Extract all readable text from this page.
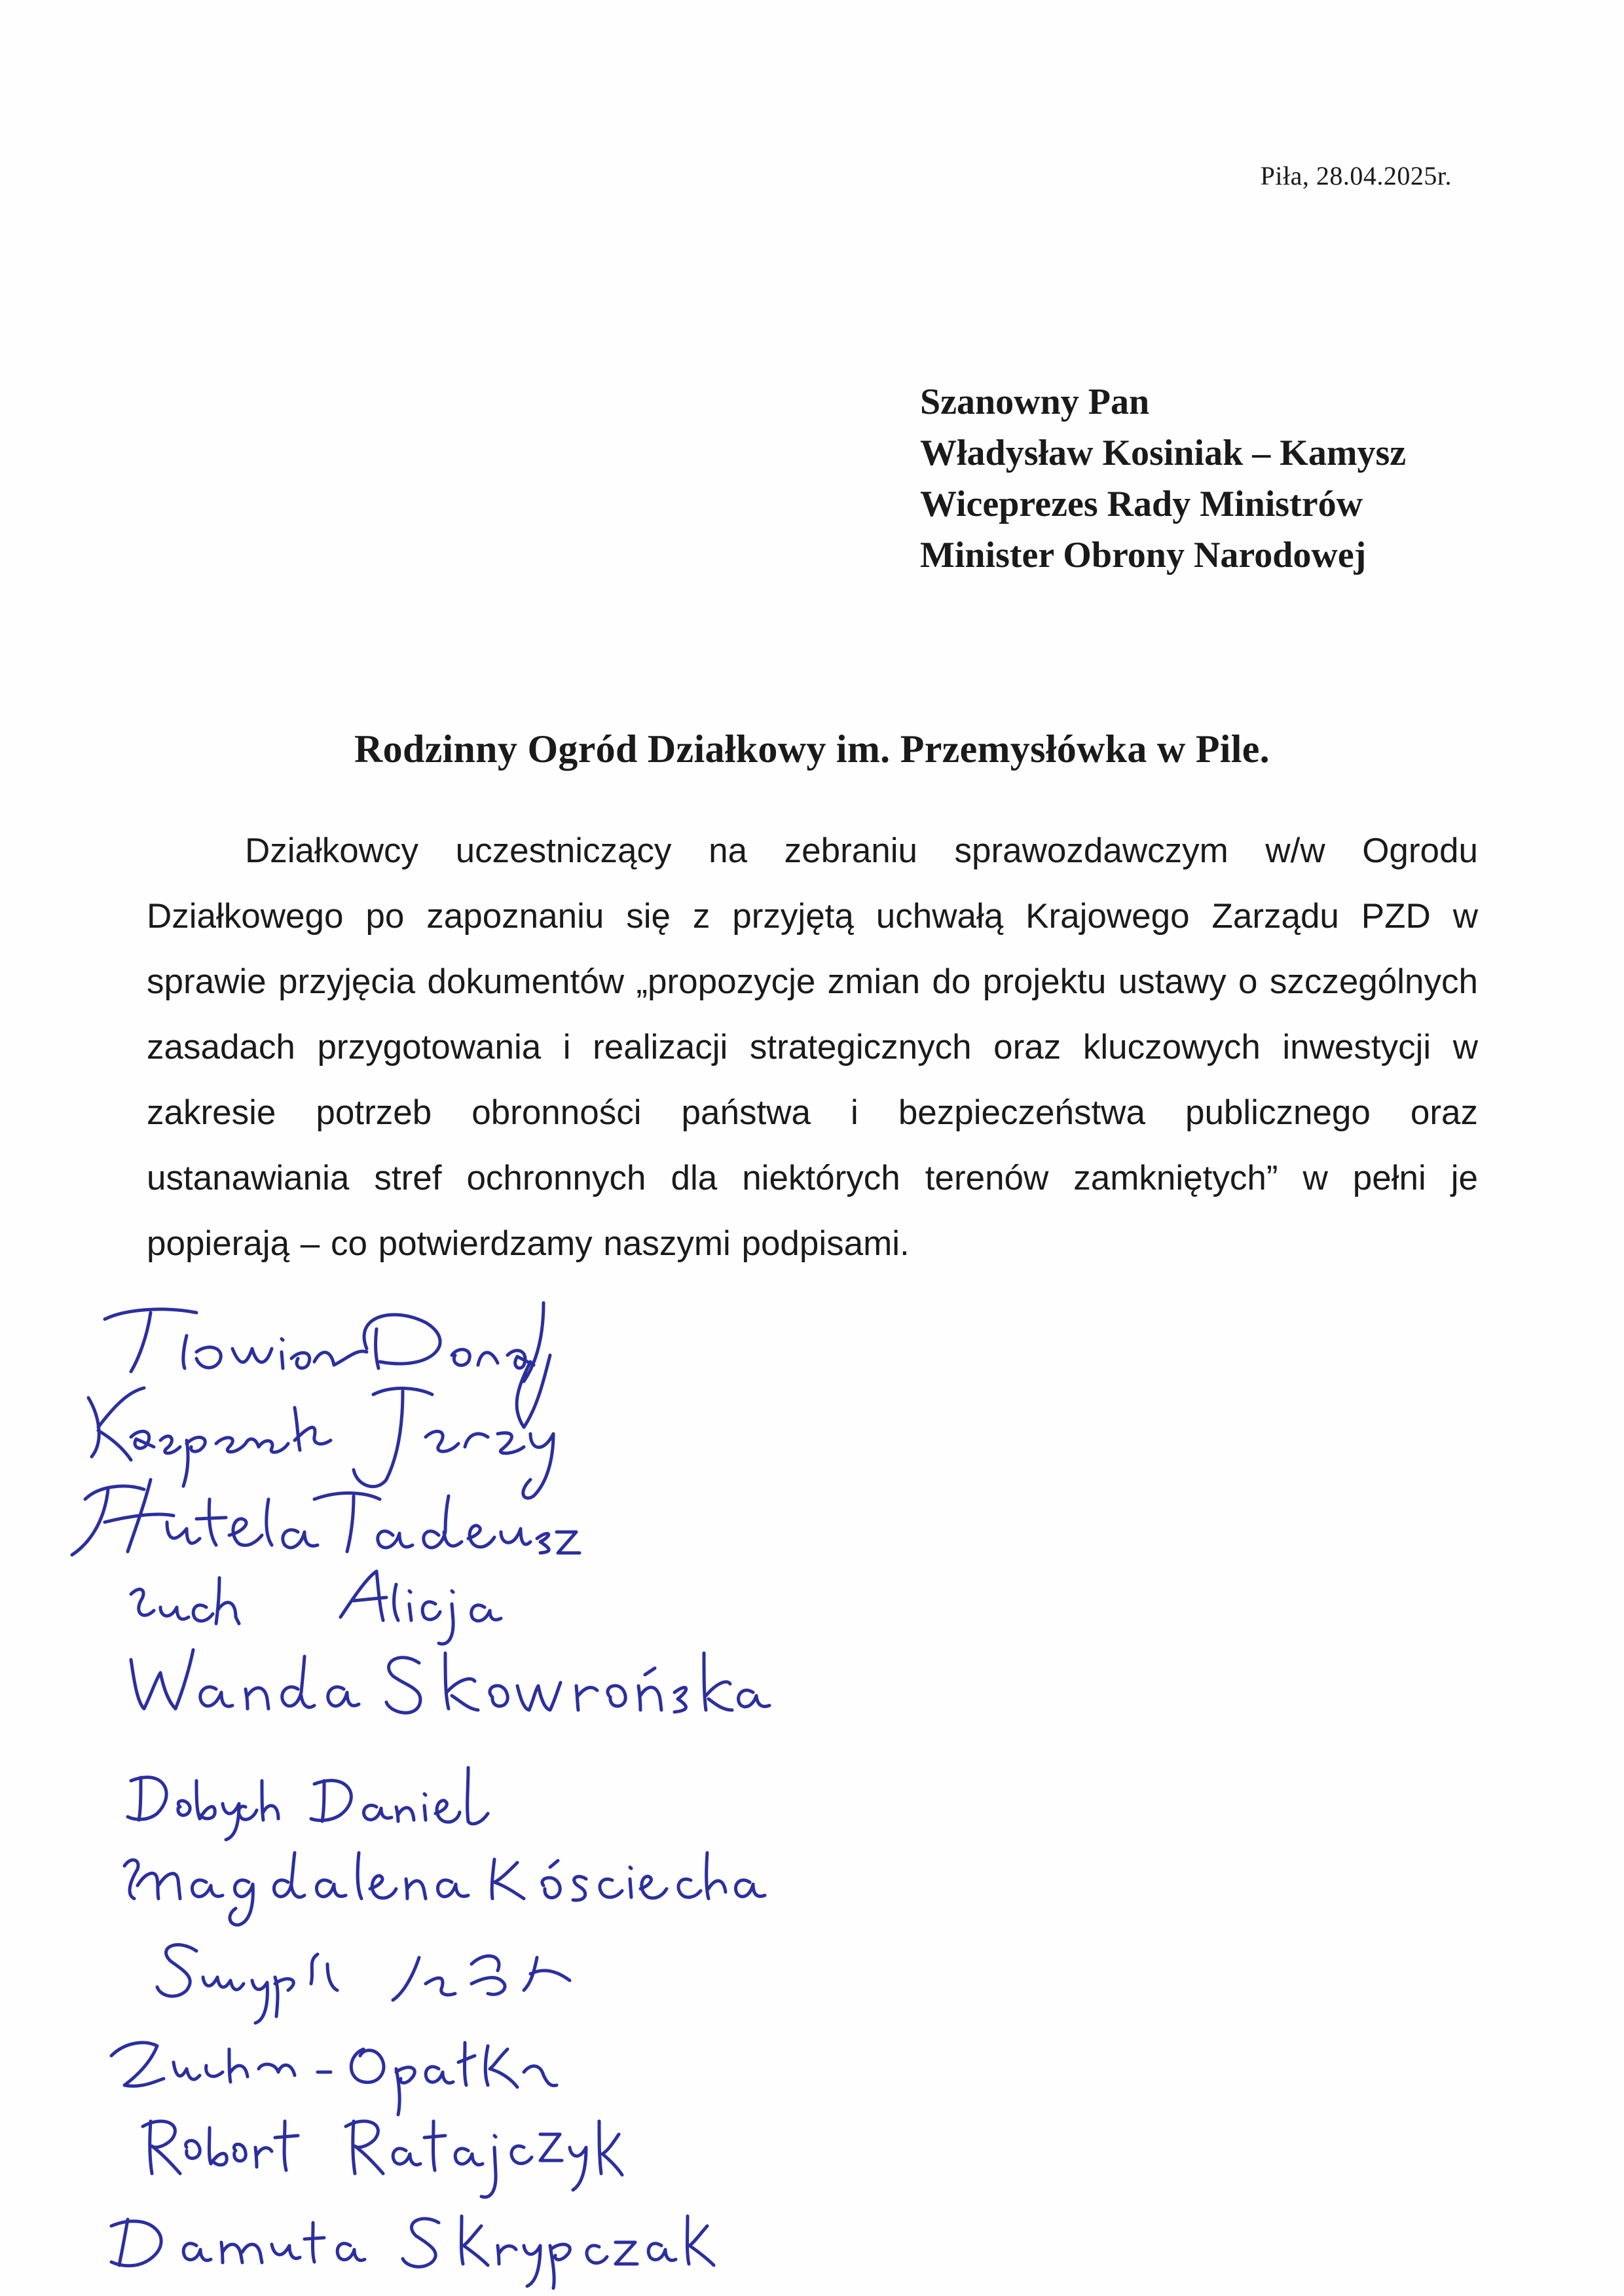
Piła, 28.04.2025r.
Szanowny Pan
Władysław Kosiniak – Kamysz
Wiceprezes Rady Ministrów
Minister Obrony Narodowej
Rodzinny Ogród Działkowy im. Przemysłówka w Pile.
Działkowcy uczestniczący na zebraniu sprawozdawczym w/w Ogrodu Działkowego po zapoznaniu się z przyjętą uchwałą Krajowego Zarządu PZD w sprawie przyjęcia dokumentów „propozycje zmian do projektu ustawy o szczególnych zasadach przygotowania i realizacji strategicznych oraz kluczowych inwestycji w zakresie potrzeb obronności państwa i bezpieczeństwa publicznego oraz ustanawiania stref ochronnych dla niektórych terenów zamkniętych” w pełni je popierają – co potwierdzamy naszymi podpisami.
